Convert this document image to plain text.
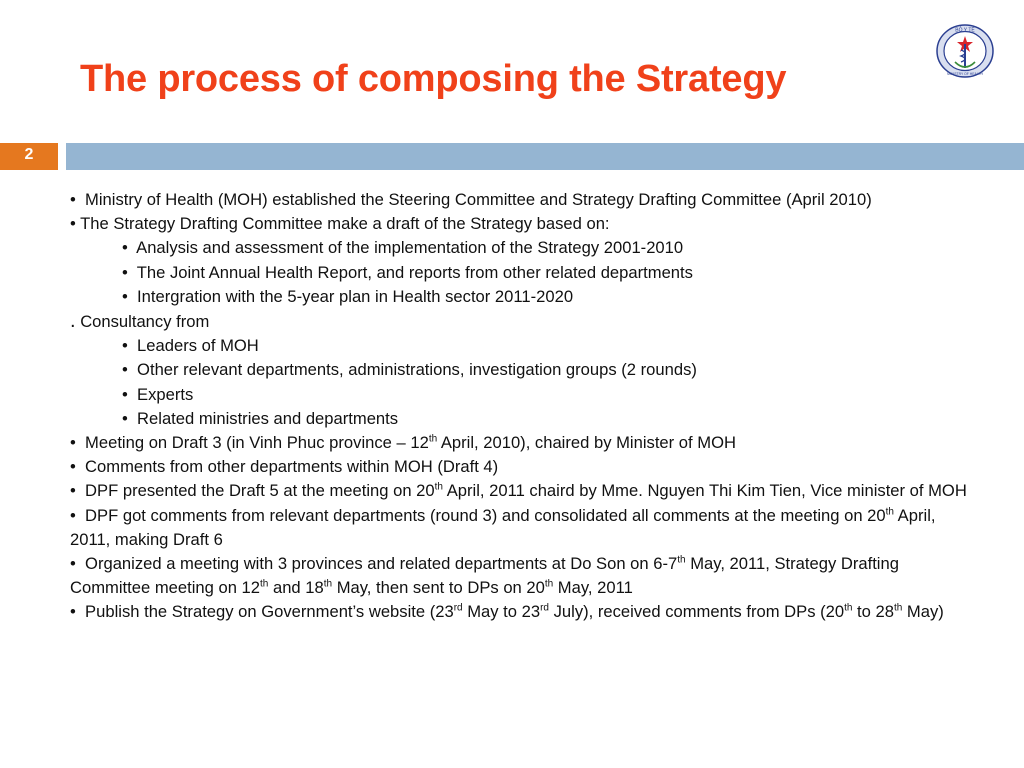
The process of composing the Strategy
BỘ Y TẾ
MINISTRY OF HEALTH
2

• Ministry of Health (MOH) established the Steering Committee and Strategy Drafting Committee (April 2010)

• The Strategy Drafting Committee make a draft of the Strategy based on:

• Analysis and assessment of the implementation of the Strategy 2001-2010

• The Joint Annual Health Report, and reports from other related departments

• Intergration with the 5-year plan in Health sector 2011-2020

. Consultancy from

• Leaders of MOH

• Other relevant departments, administrations, investigation groups (2 rounds)

• Experts

• Related ministries and departments

• Meeting on Draft 3 (in Vinh Phuc province – 12th April, 2010), chaired by Minister of MOH

• Comments from other departments within MOH (Draft 4)

• DPF presented the Draft 5 at the meeting on 20th April, 2011 chaird by Mme. Nguyen Thi Kim Tien, Vice minister of MOH

• DPF got comments from relevant departments (round 3) and consolidated all comments at the meeting on 20th April, 2011, making Draft 6

• Organized a meeting with 3 provinces and related departments at Do Son on 6-7th May, 2011, Strategy Drafting Committee meeting on 12th and 18th May, then sent to DPs on 20th May, 2011

• Publish the Strategy on Government’s website (23rd May to 23rd July), received comments from DPs (20th to 28th May)
